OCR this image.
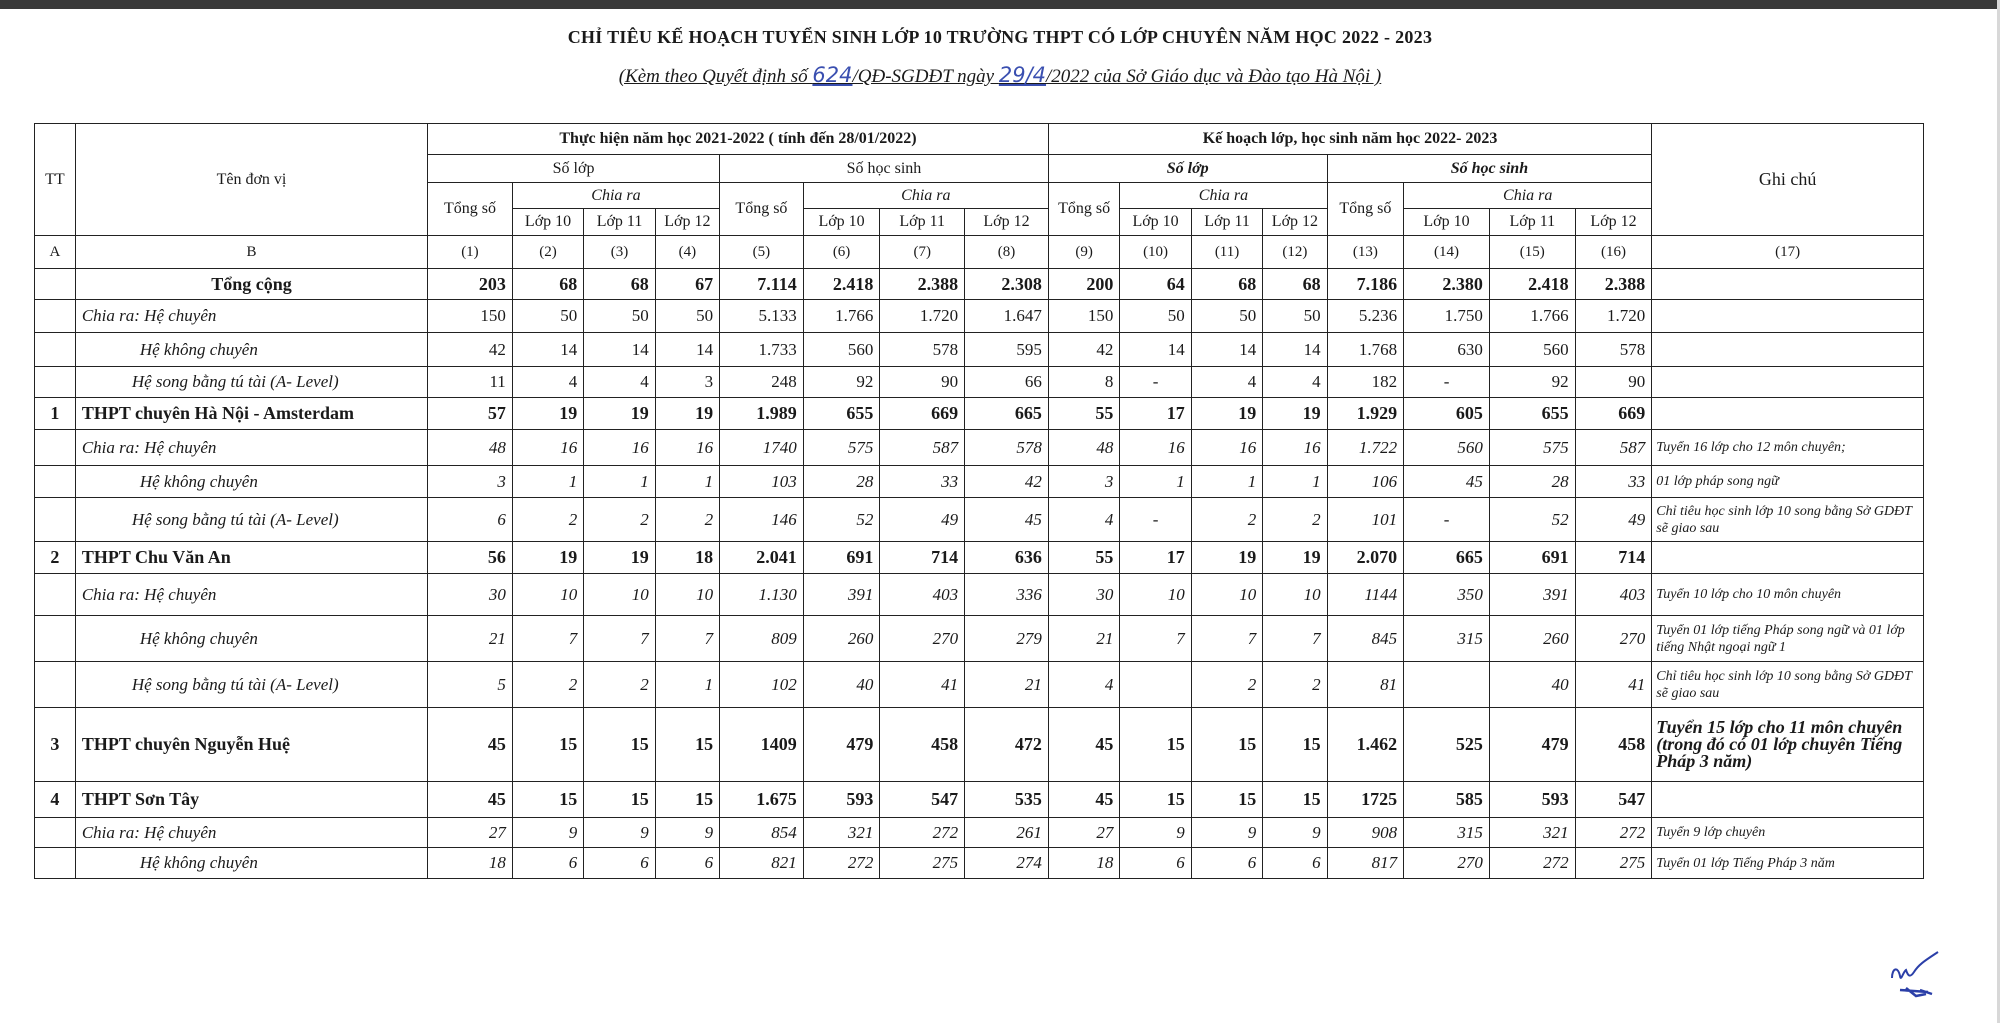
CHỈ TIÊU KẾ HOẠCH TUYỂN SINH LỚP 10 TRƯỜNG THPT CÓ LỚP CHUYÊN NĂM HỌC 2022 - 2023
(Kèm theo Quyết định số 624/QĐ-SGDĐT ngày 29/4/2022 của Sở Giáo dục và Đào tạo Hà Nội )
TT	Tên đơn vị	Thực hiện năm học 2021-2022 ( tính đến 28/01/2022)								Kế hoạch lớp, học sinh năm học 2022- 2023								Ghi chú
		Số lớp				Số học sinh				Số lớp				Số học sinh				
		Tổng số	Chia ra			Tổng số	Chia ra			Tổng số	Chia ra			Tổng số	Chia ra			
			Lớp 10	Lớp 11	Lớp 12		Lớp 10	Lớp 11	Lớp 12		Lớp 10	Lớp 11	Lớp 12		Lớp 10	Lớp 11	Lớp 12	
A	B	(1)	(2)	(3)	(4)	(5)	(6)	(7)	(8)	(9)	(10)	(11)	(12)	(13)	(14)	(15)	(16)	(17)
	Tổng cộng	203	68	68	67	7.114	2.418	2.388	2.308	200	64	68	68	7.186	2.380	2.418	2.388	
	Chia ra: Hệ chuyên	150	50	50	50	5.133	1.766	1.720	1.647	150	50	50	50	5.236	1.750	1.766	1.720	
	Hệ không chuyên	42	14	14	14	1.733	560	578	595	42	14	14	14	1.768	630	560	578	
	Hệ song bằng tú tài (A- Level)	11	4	4	3	248	92	90	66	8	-	4	4	182	-	92	90	
1	THPT chuyên Hà Nội - Amsterdam	57	19	19	19	1.989	655	669	665	55	17	19	19	1.929	605	655	669	
	Chia ra: Hệ chuyên	48	16	16	16	1740	575	587	578	48	16	16	16	1.722	560	575	587	Tuyển 16 lớp cho 12 môn chuyên;
	Hệ không chuyên	3	1	1	1	103	28	33	42	3	1	1	1	106	45	28	33	01 lớp pháp song ngữ
	Hệ song bằng tú tài (A- Level)	6	2	2	2	146	52	49	45	4	-	2	2	101	-	52	49	Chỉ tiêu học sinh lớp 10 song bằng Sở GDĐT sẽ giao sau
2	THPT Chu Văn An	56	19	19	18	2.041	691	714	636	55	17	19	19	2.070	665	691	714	
	Chia ra: Hệ chuyên	30	10	10	10	1.130	391	403	336	30	10	10	10	1144	350	391	403	Tuyển 10 lớp cho 10 môn chuyên
	Hệ không chuyên	21	7	7	7	809	260	270	279	21	7	7	7	845	315	260	270	Tuyển 01 lớp tiếng Pháp song ngữ và 01 lớp tiếng Nhật ngoại ngữ 1
	Hệ song bằng tú tài (A- Level)	5	2	2	1	102	40	41	21	4		2	2	81		40	41	Chỉ tiêu học sinh lớp 10 song bằng Sở GDĐT sẽ giao sau
3	THPT chuyên Nguyễn Huệ	45	15	15	15	1409	479	458	472	45	15	15	15	1.462	525	479	458	Tuyển 15 lớp cho 11 môn chuyên (trong đó có 01 lớp chuyên Tiếng Pháp 3 năm)
4	THPT Sơn Tây	45	15	15	15	1.675	593	547	535	45	15	15	15	1725	585	593	547	
	Chia ra: Hệ chuyên	27	9	9	9	854	321	272	261	27	9	9	9	908	315	321	272	Tuyển 9 lớp chuyên
	Hệ không chuyên	18	6	6	6	821	272	275	274	18	6	6	6	817	270	272	275	Tuyển 01 lớp Tiếng Pháp 3 năm
